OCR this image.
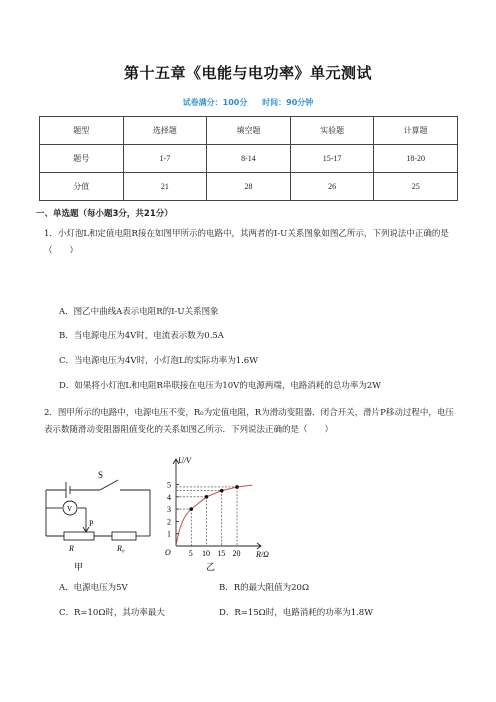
第十五章《电能与电功率》单元测试
试卷满分：100分 时间：90分钟
题型	选择题	填空题	实验题	计算题
题号	1-7	8-14	15-17	18-20
分值	21	28	26	25
一、单选题（每小题3分，共21分）
1．小灯泡L和定值电阻R接在如图甲所示的电路中，其两者的I-U关系图象如图乙所示，下列说法中正确的是（　　）
A．图乙中曲线A表示电阻R的I-U关系图象
B．当电源电压为4V时，电流表示数为0.5A
C．当电源电压为4V时，小灯泡L的实际功率为1.6W
D．如果将小灯泡L和电阻R串联接在电压为10V的电源两端，电路消耗的总功率为2W
2．图甲所示的电路中，电源电压不变，R₀为定值电阻，R为滑动变阻器．闭合开关，滑片P移动过程中，电压表示数随滑动变阻器阻值变化的关系如图乙所示．下列说法正确的是（　　）
S
V
P
R	R₀
甲
1
2
3
4
5
5 10 15 20
U/V
R/Ω
O
乙
A．电源电压为5V	B．R的最大阻值为20Ω
C．R=10Ω时，其功率最大	D．R=15Ω时，电路消耗的功率为1.8W
